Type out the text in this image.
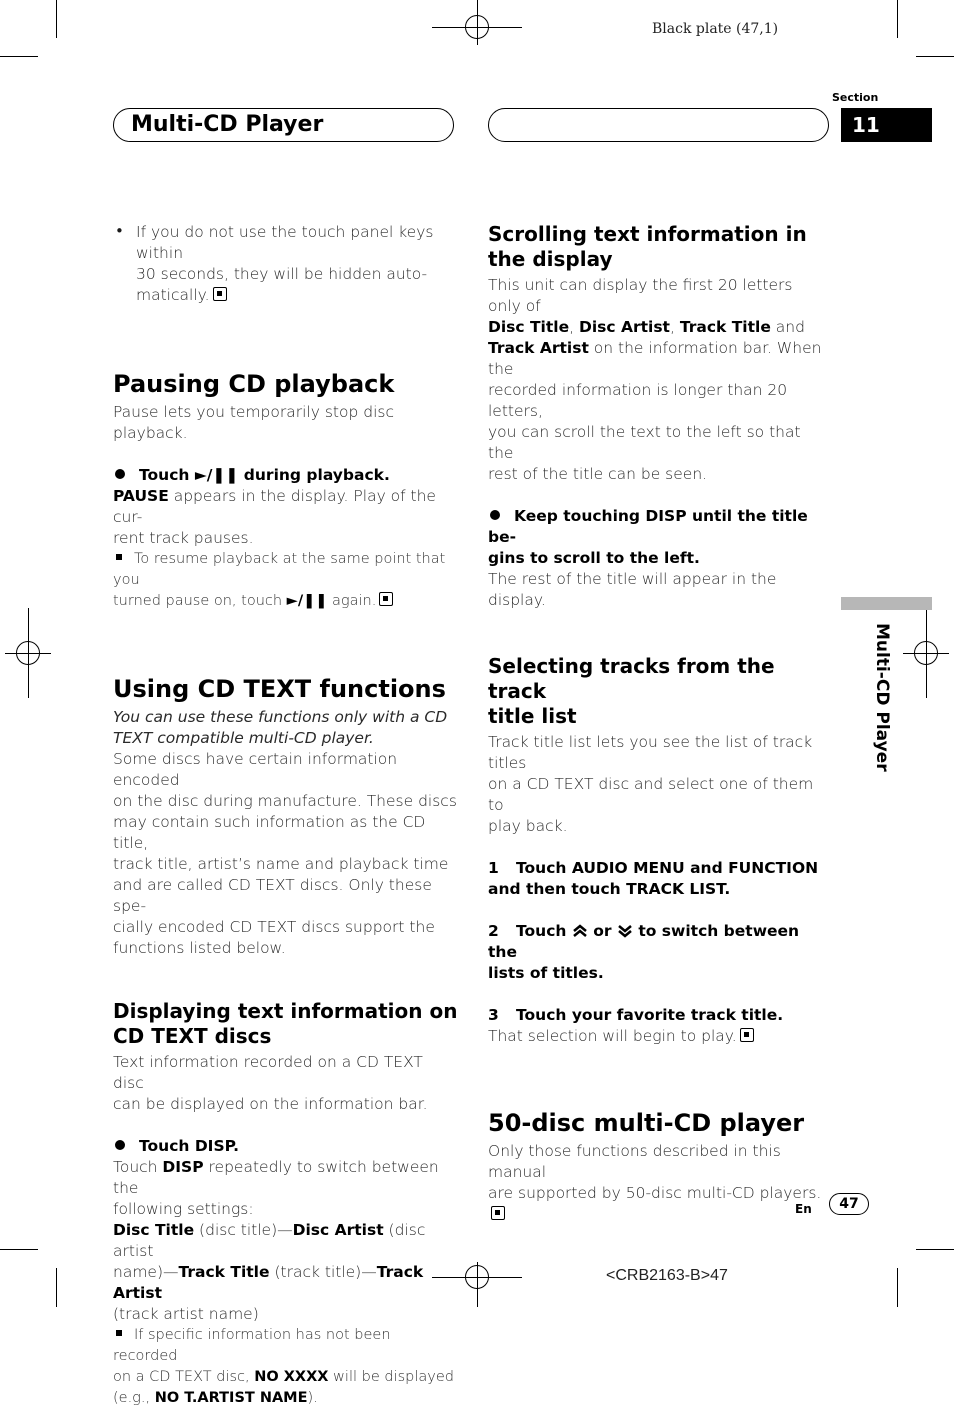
Black plate (47,1)
<CRB2163-B>47
Multi-CD Player
Section
11
Multi-CD Player
• If you do not use the touch panel keys within
30 seconds, they will be hidden auto-
matically.
Pausing CD playback

Pause lets you temporarily stop disc playback.

Touch ►/❚❚ during playback.

PAUSE appears in the display. Play of the cur-

rent track pauses.

To resume playback at the same point that you
turned pause on, touch ►/❚❚ again.
Using CD TEXT functions

You can use these functions only with a CD

TEXT compatible multi-CD player.

Some discs have certain information encoded

on the disc during manufacture. These discs

may contain such information as the CD title,

track title, artist’s name and playback time

and are called CD TEXT discs. Only these spe-

cially encoded CD TEXT discs support the

functions listed below.

Displaying text information on
CD TEXT discs

Text information recorded on a CD TEXT disc

can be displayed on the information bar.

Touch DISP.

Touch DISP repeatedly to switch between the

following settings:

Disc Title (disc title)—Disc Artist (disc artist

name)—Track Title (track title)—Track Artist

(track artist name)

If specific information has not been recorded
on a CD TEXT disc, NO XXXX will be displayed
(e.g., NO T.ARTIST NAME).
Scrolling text information in
the display

This unit can display the first 20 letters only of

Disc Title, Disc Artist, Track Title and

Track Artist on the information bar. When the

recorded information is longer than 20 letters,

you can scroll the text to the left so that the

rest of the title can be seen.

Keep touching DISP until the title be-
gins to scroll to the left.

The rest of the title will appear in the display.

Selecting tracks from the track
title list

Track title list lets you see the list of track titles

on a CD TEXT disc and select one of them to

play back.

1 Touch AUDIO MENU and FUNCTION
and then touch TRACK LIST.
2 Touch or to switch between the
lists of titles.
3 Touch your favorite track title.

That selection will begin to play.

50-disc multi-CD player

Only those functions described in this manual

are supported by 50-disc multi-CD players.

En	47
